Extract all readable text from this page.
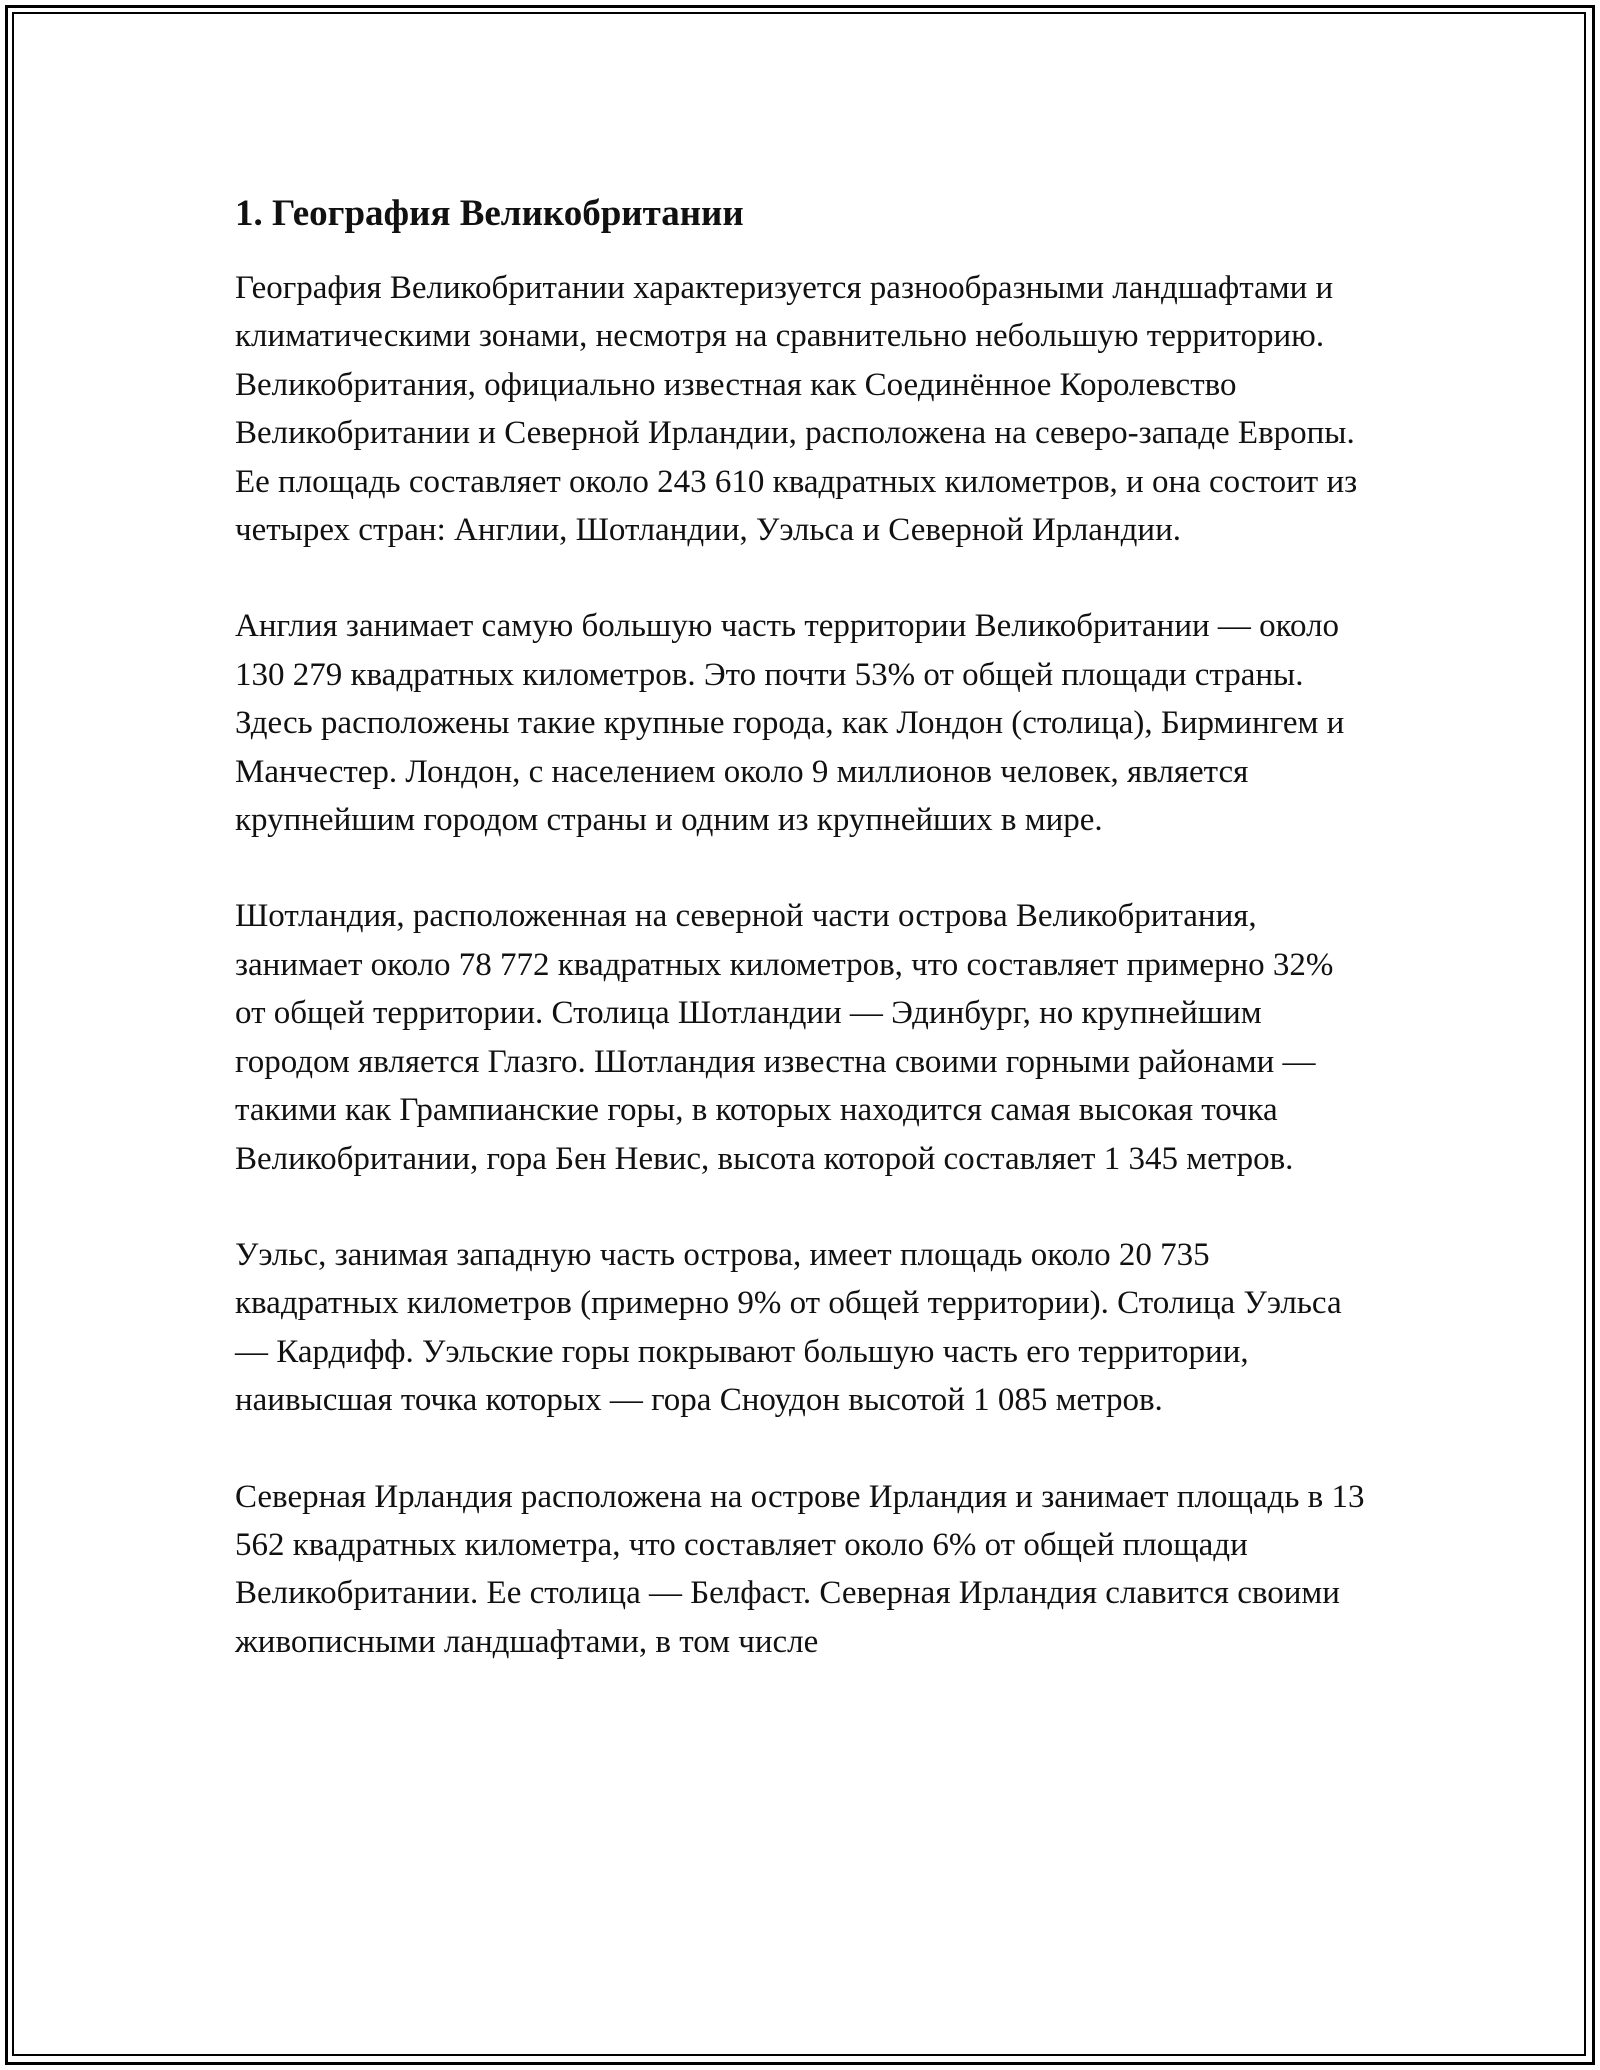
1. География Великобритании

География Великобритании характеризуется разнообразными ландшафтами и климатическими зонами, несмотря на сравнительно небольшую территорию. Великобритания, официально известная как Соединённое Королевство Великобритании и Северной Ирландии, расположена на северо-западе Европы. Ее площадь составляет около 243 610 квадратных километров, и она состоит из четырех стран: Англии, Шотландии, Уэльса и Северной Ирландии.

Англия занимает самую большую часть территории Великобритании — около 130 279 квадратных километров. Это почти 53% от общей площади страны. Здесь расположены такие крупные города, как Лондон (столица), Бирмингем и Манчестер. Лондон, с населением около 9 миллионов человек, является крупнейшим городом страны и одним из крупнейших в мире.

Шотландия, расположенная на северной части острова Великобритания, занимает около 78 772 квадратных километров, что составляет примерно 32% от общей территории. Столица Шотландии — Эдинбург, но крупнейшим городом является Глазго. Шотландия известна своими горными районами — такими как Грампианские горы, в которых находится самая высокая точка Великобритании, гора Бен Невис, высота которой составляет 1 345 метров.

Уэльс, занимая западную часть острова, имеет площадь около 20 735 квадратных километров (примерно 9% от общей территории). Столица Уэльса — Кардифф. Уэльские горы покрывают большую часть его территории, наивысшая точка которых — гора Сноудон высотой 1 085 метров.

Северная Ирландия расположена на острове Ирландия и занимает площадь в 13 562 квадратных километра, что составляет около 6% от общей площади Великобритании. Ее столица — Белфаст. Северная Ирландия славится своими живописными ландшафтами, в том числе
